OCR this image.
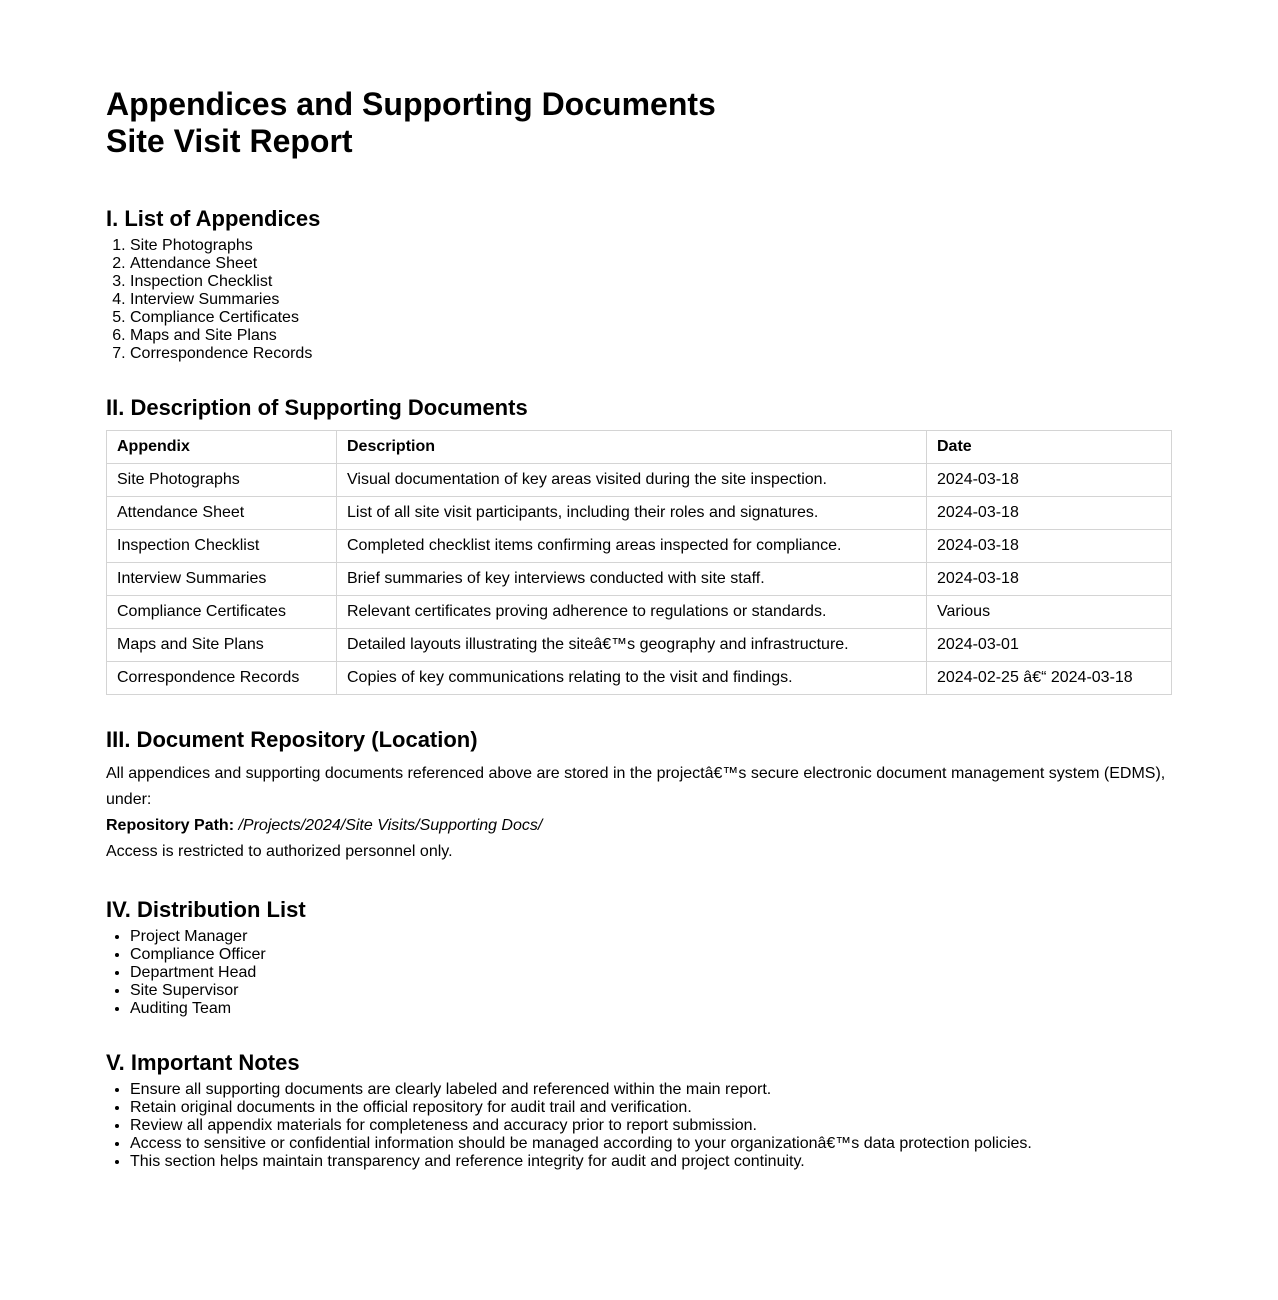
Appendices and Supporting Documents
Site Visit Report
I. List of Appendices
1. Site Photographs
2. Attendance Sheet
3. Inspection Checklist
4. Interview Summaries
5. Compliance Certificates
6. Maps and Site Plans
7. Correspondence Records
II. Description of Supporting Documents
Appendix	Description	Date
Site Photographs	Visual documentation of key areas visited during the site inspection.	2024-03-18
Attendance Sheet	List of all site visit participants, including their roles and signatures.	2024-03-18
Inspection Checklist	Completed checklist items confirming areas inspected for compliance.	2024-03-18
Interview Summaries	Brief summaries of key interviews conducted with site staff.	2024-03-18
Compliance Certificates	Relevant certificates proving adherence to regulations or standards.	Various
Maps and Site Plans	Detailed layouts illustrating the siteâ€™s geography and infrastructure.	2024-03-01
Correspondence Records	Copies of key communications relating to the visit and findings.	2024-02-25 â€“ 2024-03-18
III. Document Repository (Location)

All appendices and supporting documents referenced above are stored in the projectâ€™s secure electronic document management system (EDMS), under:

Repository Path: /Projects/2024/Site Visits/Supporting Docs/

Access is restricted to authorized personnel only.

IV. Distribution List
• Project Manager
• Compliance Officer
• Department Head
• Site Supervisor
• Auditing Team
V. Important Notes
• Ensure all supporting documents are clearly labeled and referenced within the main report.
• Retain original documents in the official repository for audit trail and verification.
• Review all appendix materials for completeness and accuracy prior to report submission.
• Access to sensitive or confidential information should be managed according to your organizationâ€™s data protection policies.
• This section helps maintain transparency and reference integrity for audit and project continuity.
